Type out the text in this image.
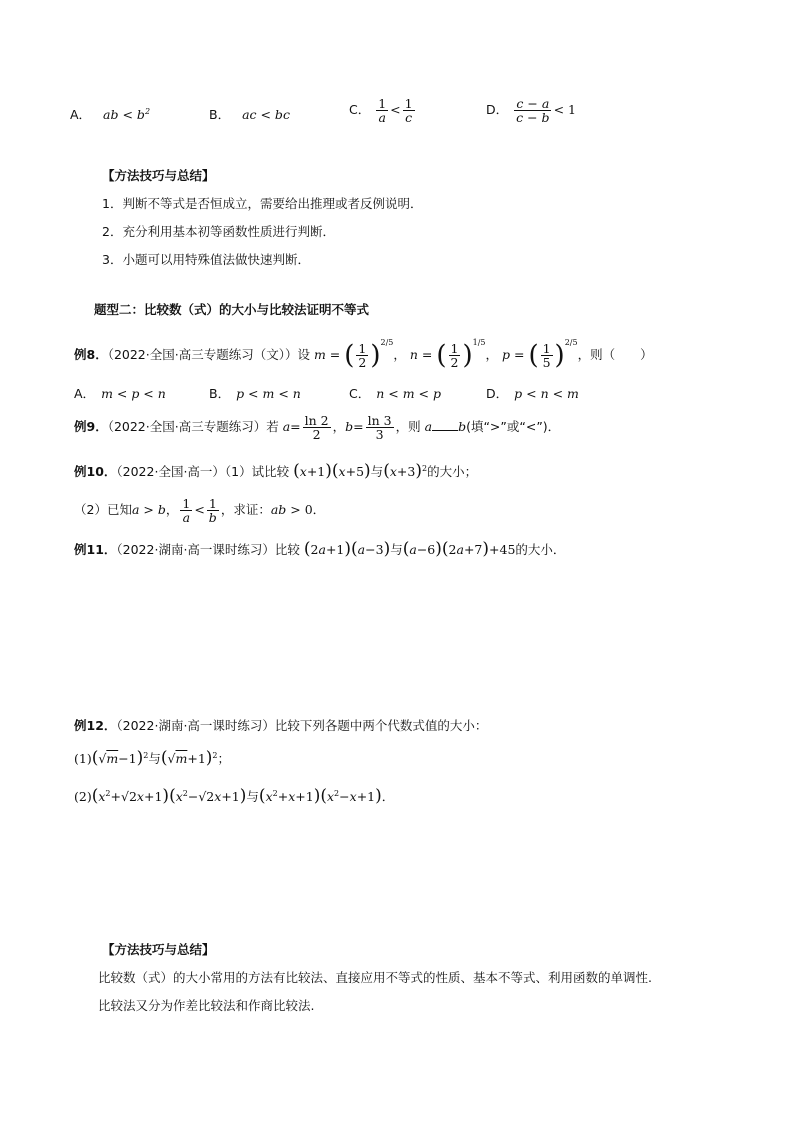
A． ab < $b^2$	B． ac < bc	C． $\frac{1}{a} < \frac{1}{c}$	D． $\frac{c - a}{c - b} < 1$
【方法技巧与总结】
1．判断不等式是否恒成立，需要给出推理或者反例说明．
2．充分利用基本初等函数性质进行判断．
3．小题可以用特殊值法做快速判断．
题型二：比较数（式）的大小与比较法证明不等式
例8．（2022·全国·高三专题练习（文））设 m = ( $\frac{1}{2} )^{2/5}$， n = ( $\frac{1}{2} )^{1/5}$， p = ( $\frac{1}{5} )^{2/5}$，则（　　）
A． m < p < n	B． p < m < n	C． n < m < p	D． p < n < m
例9．（2022·全国·高三专题练习）若 $a= \frac{\ln 2}{2}$ ，$b= \frac{\ln 3}{3}$ ，则 a b(填“>”或“<”)．
例10．（2022·全国·高一）（1）试比较 (x+1)(x+5)与$(x+3)^2$的大小；
（2）已知a > b， $\frac{1}{a} < \frac{1}{b}$ ，求证：ab > 0．
例11．（2022·湖南·高一课时练习）比较 (2a+1)(a−3)与(a−6)(2a+7)+45的大小．
例12．（2022·湖南·高一课时练习）比较下列各题中两个代数式值的大小：
$(1)(√m-1)^2$与$(√m+1)^2$；
$(2)(x^2+√2x+1)(x^2-√2x+1)$与$(x^2+x+1)(x^2-x+1)$．
【方法技巧与总结】
比较数（式）的大小常用的方法有比较法、直接应用不等式的性质、基本不等式、利用函数的单调性.
比较法又分为作差比较法和作商比较法.
